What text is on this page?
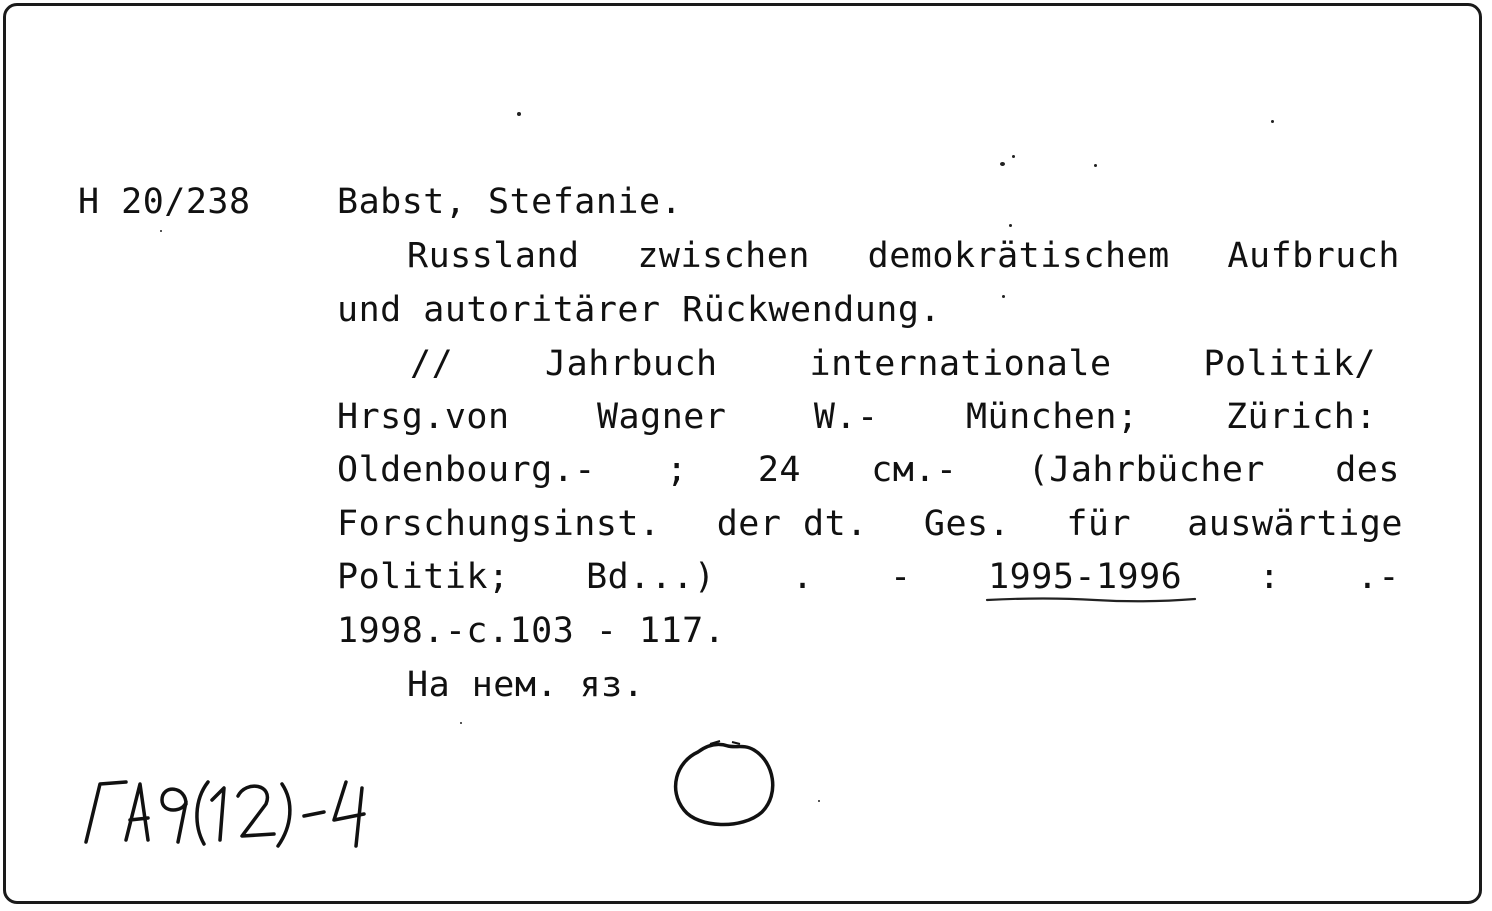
Н 20/238 Babst, Stefanie.
Russland zwischen demokrätischem Aufbruch
und autoritärer Rückwendung.
//	Jahrbuch	internationale	Politik/
Hrsg.von Wagner W.- München; Zürich:
Oldenbourg.- ; 24 см.- (Jahrbücher des
Forschungsinst. der dt. Ges. für auswärtige
Politik; Bd...) . - 1995-1996 : .-
1998.-с.103 - 117.
На нем. яз.
